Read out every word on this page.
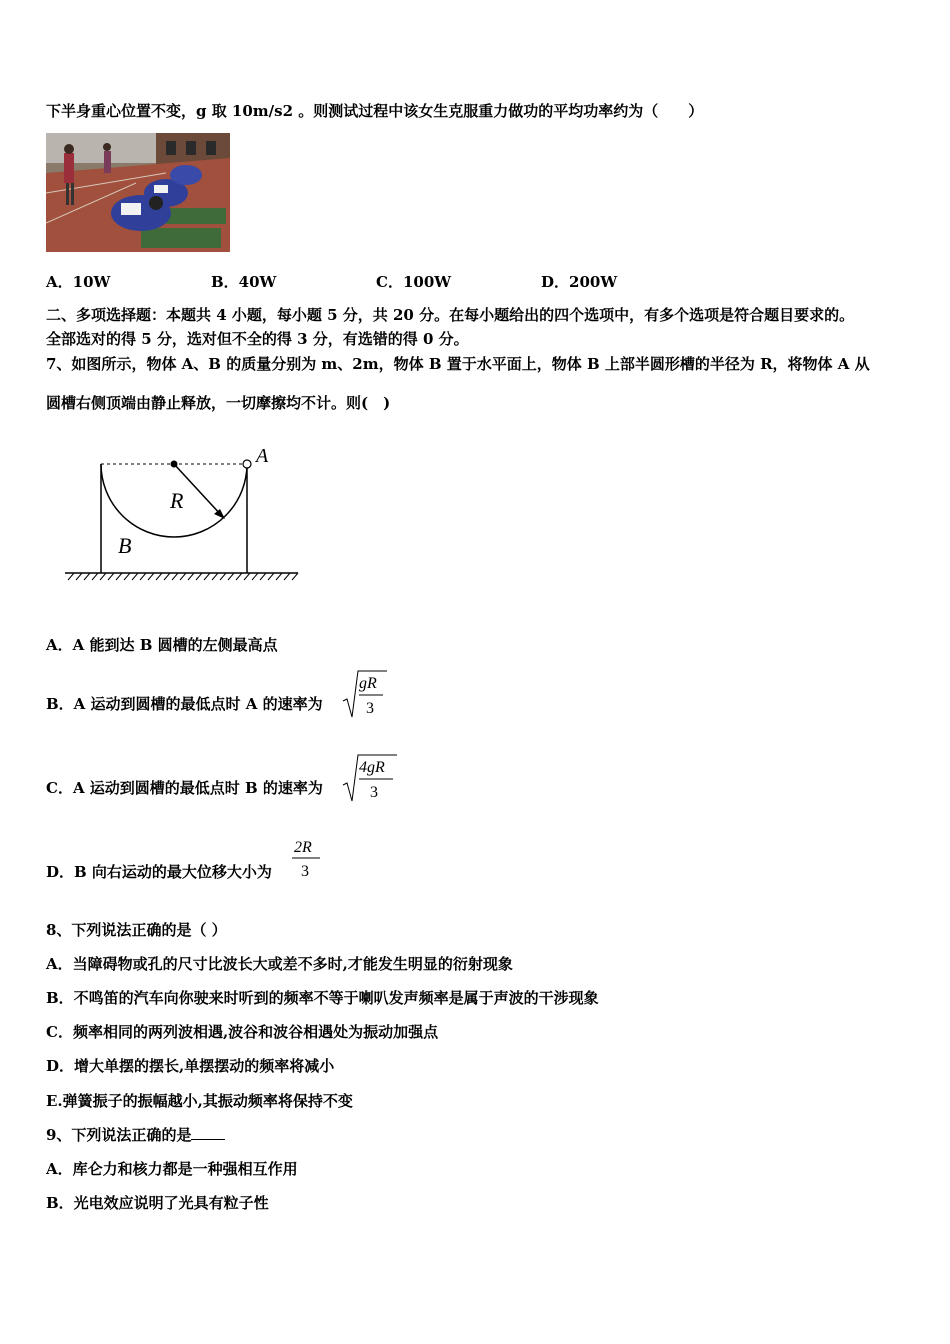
下半身重心位置不变，g 取 10m/s2 。则测试过程中该女生克服重力做功的平均功率约为（　　）
A．10W	B．40W	C．100W	D．200W
二、多项选择题：本题共 4 小题，每小题 5 分，共 20 分。在每小题给出的四个选项中，有多个选项是符合题目要求的。
全部选对的得 5 分，选对但不全的得 3 分，有选错的得 0 分。
7、如图所示，物体 A、B 的质量分别为 m、2m，物体 B 置于水平面上，物体 B 上部半圆形槽的半径为 R，将物体 A 从
圆槽右侧顶端由静止释放，一切摩擦均不计。则(　)
A
R
B
A．A 能到达 B 圆槽的左侧最高点
B．A 运动到圆槽的最低点时 A 的速率为
gR
3
C．A 运动到圆槽的最低点时 B 的速率为
4gR
3
D．B 向右运动的最大位移大小为
2R
3
8、下列说法正确的是（ ）
A．当障碍物或孔的尺寸比波长大或差不多时,才能发生明显的衍射现象
B．不鸣笛的汽车向你驶来时听到的频率不等于喇叭发声频率是属于声波的干涉现象
C．频率相同的两列波相遇,波谷和波谷相遇处为振动加强点
D．增大单摆的摆长,单摆摆动的频率将减小
E.弹簧振子的振幅越小,其振动频率将保持不变
9、下列说法正确的是
A．库仑力和核力都是一种强相互作用
B．光电效应说明了光具有粒子性
